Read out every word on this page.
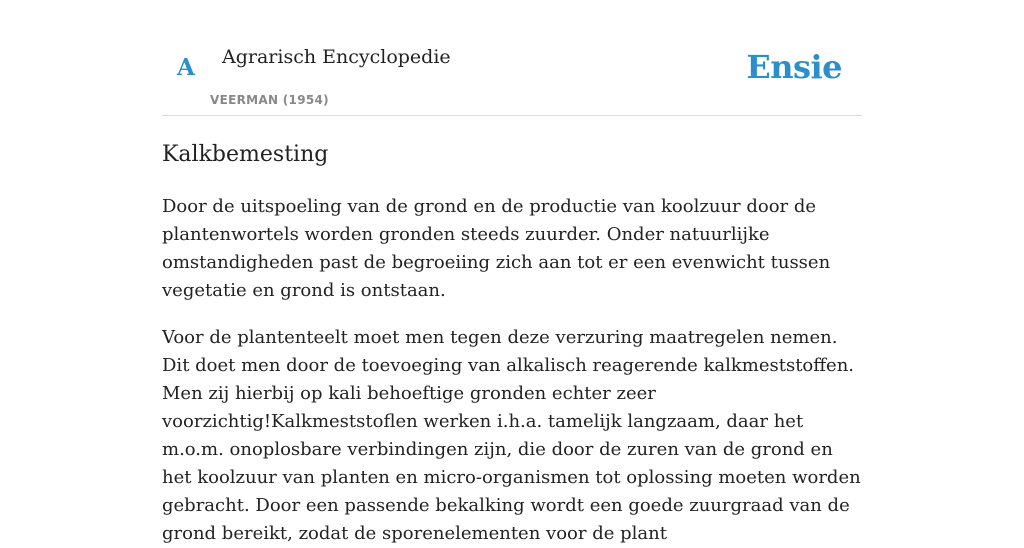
A Agrarisch Encyclopedie
VEERMAN (1954)
Ensie
Kalkbemesting

Door de uitspoeling van de grond en de productie van koolzuur door de plantenwortels worden gronden steeds zuurder. Onder natuurlijke omstandigheden past de begroeiing zich aan tot er een evenwicht tussen vegetatie en grond is ontstaan.

Voor de plantenteelt moet men tegen deze verzuring maatregelen nemen. Dit doet men door de toevoeging van alkalisch reagerende kalkmeststoffen. Men zij hierbij op kali behoeftige gronden echter zeer voorzichtig!Kalkmeststoflen werken i.h.a. tamelijk langzaam, daar het m.o.m. onoplosbare verbindingen zijn, die door de zuren van de grond en het koolzuur van planten en micro-organismen tot oplossing moeten worden gebracht. Door een passende bekalking wordt een goede zuurgraad van de grond bereikt, zodat de sporenelementen voor de plant
